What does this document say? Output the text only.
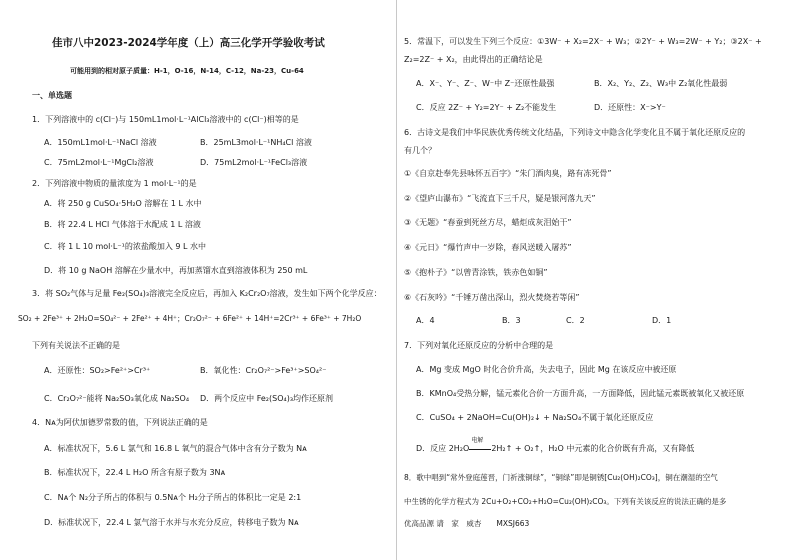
佳市八中2023-2024学年度（上）高三化学开学验收考试
可能用到的相对原子质量：H-1，O-16，N-14，C-12，Na-23，Cu-64
一、单选题
1．下列溶液中的 c(Cl⁻)与 150mL1mol·L⁻¹AlCl₃溶液中的 c(Cl⁻)相等的是
A．150mL1mol·L⁻¹NaCl 溶液	B．25mL3mol·L⁻¹NH₄Cl 溶液
C．75mL2mol·L⁻¹MgCl₂溶液	D．75mL2mol·L⁻¹FeCl₃溶液
2．下列溶液中物质的量浓度为 1 mol·L⁻¹的是
A．将 250 g CuSO₄·5H₂O 溶解在 1 L 水中
B．将 22.4 L HCl 气体溶于水配成 1 L 溶液
C．将 1 L 10 mol·L⁻¹的浓盐酸加入 9 L 水中
D．将 10 g NaOH 溶解在少量水中，再加蒸馏水直到溶液体积为 250 mL
3．将 SO₂气体与足量 Fe₂(SO₄)₃溶液完全反应后，再加入 K₂Cr₂O₇溶液，发生如下两个化学反应：
SO₂ + 2Fe³⁺ + 2H₂O=SO₄²⁻ + 2Fe²⁺ + 4H⁺；Cr₂O₇²⁻ + 6Fe²⁺ + 14H⁺=2Cr³⁺ + 6Fe³⁺ + 7H₂O
下列有关说法不正确的是
A．还原性：SO₂>Fe²⁺>Cr³⁺	B．氧化性：Cr₂O₇²⁻>Fe³⁺>SO₄²⁻
C．Cr₂O₇²⁻能将 Na₂SO₃氧化成 Na₂SO₄ D．两个反应中 Fe₂(SO₄)₃均作还原剂
4．Nᴀ为阿伏加德罗常数的值，下列说法正确的是
A．标准状况下，5.6 L 氯气和 16.8 L 氧气的混合气体中含有分子数为 Nᴀ
B．标准状况下，22.4 L H₂O 所含有原子数为 3Nᴀ
C．Nᴀ个 N₂分子所占的体积与 0.5Nᴀ个 H₂分子所占的体积比一定是 2:1
D．标准状况下，22.4 L 氯气溶于水并与水充分反应，转移电子数为 Nᴀ
5．常温下，可以发生下列三个反应：①3W⁻ + X₂=2X⁻ + W₃；②2Y⁻ + W₃=2W⁻ + Y₂；③2X⁻ +
Z₂=2Z⁻ + X₂，由此得出的正确结论是
A．X⁻、Y⁻、Z⁻、W⁻中 Z⁻还原性最强	B．X₂、Y₂、Z₂、W₃中 Z₂氧化性最弱
C．反应 2Z⁻ + Y₂=2Y⁻ + Z₂不能发生	D．还原性：X⁻>Y⁻
6．古诗文是我们中华民族优秀传统文化结晶，下列诗文中隐含化学变化且不属于氧化还原反应的
有几个？
①《自京赴奉先县咏怀五百字》“朱门酒肉臭，路有冻死骨”
②《望庐山瀑布》“飞流直下三千尺，疑是银河落九天”
③《无题》“春蚕到死丝方尽，蜡炬成灰泪始干”
④《元日》“爆竹声中一岁除，春风送暖入屠苏”
⑤《抱朴子》“以曾青涂铁，铁赤色如铜”
⑥《石灰吟》“千锤万凿出深山，烈火焚烧若等闲”
A．4	B．3	C．2	D．1
7．下列对氧化还原反应的分析中合理的是
A．Mg 变成 MgO 时化合价升高，失去电子，因此 Mg 在该反应中被还原
B．KMnO₄受热分解，锰元素化合价一方面升高，一方面降低，因此锰元素既被氧化又被还原
C．CuSO₄ + 2NaOH=Cu(OH)₂↓ + Na₂SO₄不属于氧化还原反应
D．反应 2H₂O
电解
2H₂↑ + O₂↑，H₂O 中元素的化合价既有升高，又有降低
8．歌中唱到“常外登庭莲晋，门祈涨铜绿”，“铜绿”即是铜锈[Cu₂(OH)₂CO₃]，铜在潮湿的空气
中生锈的化学方程式为 2Cu+O₂+CO₂+H₂O=Cu₂(OH)₂CO₃。下列有关该反应的说法正确的是多
优高品源 请　家　威杏　　MXSJ663
